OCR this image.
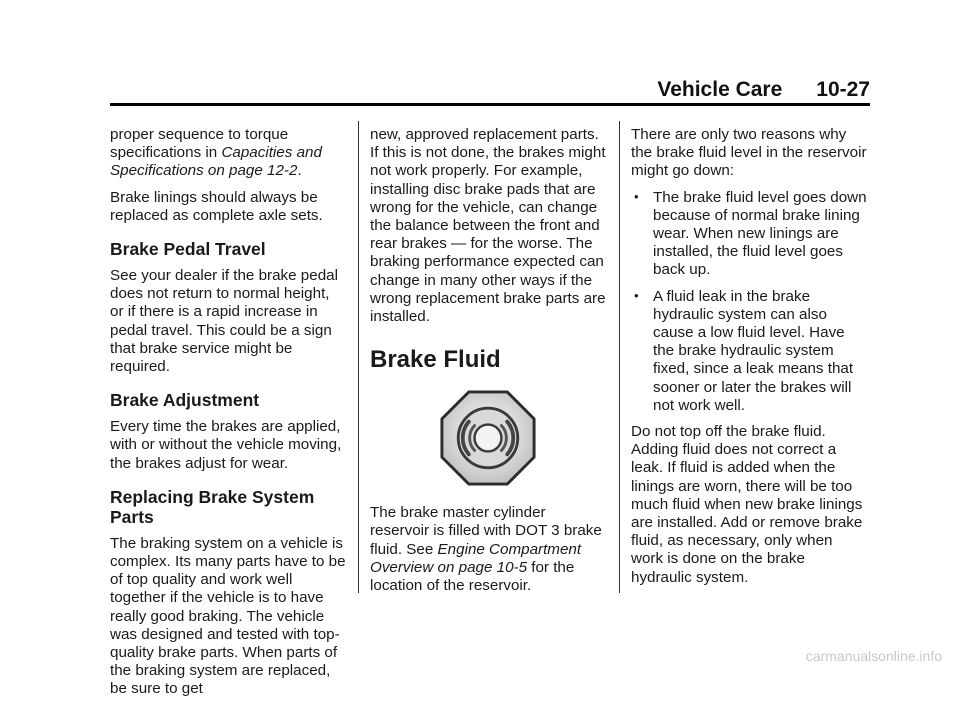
Vehicle Care 10-27

proper sequence to torque specifications in Capacities and Specifications on page 12-2.

Brake linings should always be replaced as complete axle sets.

Brake Pedal Travel

See your dealer if the brake pedal does not return to normal height, or if there is a rapid increase in pedal travel. This could be a sign that brake service might be required.

Brake Adjustment

Every time the brakes are applied, with or without the vehicle moving, the brakes adjust for wear.

Replacing Brake System Parts

The braking system on a vehicle is complex. Its many parts have to be of top quality and work well together if the vehicle is to have really good braking. The vehicle was designed and tested with top-quality brake parts. When parts of the braking system are replaced, be sure to get

new, approved replacement parts. If this is not done, the brakes might not work properly. For example, installing disc brake pads that are wrong for the vehicle, can change the balance between the front and rear brakes — for the worse. The braking performance expected can change in many other ways if the wrong replacement brake parts are installed.

Brake Fluid

The brake master cylinder reservoir is filled with DOT 3 brake fluid. See Engine Compartment Overview on page 10-5 for the location of the reservoir.

There are only two reasons why the brake fluid level in the reservoir might go down:

• The brake fluid level goes down because of normal brake lining wear. When new linings are installed, the fluid level goes back up.
• A fluid leak in the brake hydraulic system can also cause a low fluid level. Have the brake hydraulic system fixed, since a leak means that sooner or later the brakes will not work well.

Do not top off the brake fluid. Adding fluid does not correct a leak. If fluid is added when the linings are worn, there will be too much fluid when new brake linings are installed. Add or remove brake fluid, as necessary, only when work is done on the brake hydraulic system.

carmanualsonline.info
